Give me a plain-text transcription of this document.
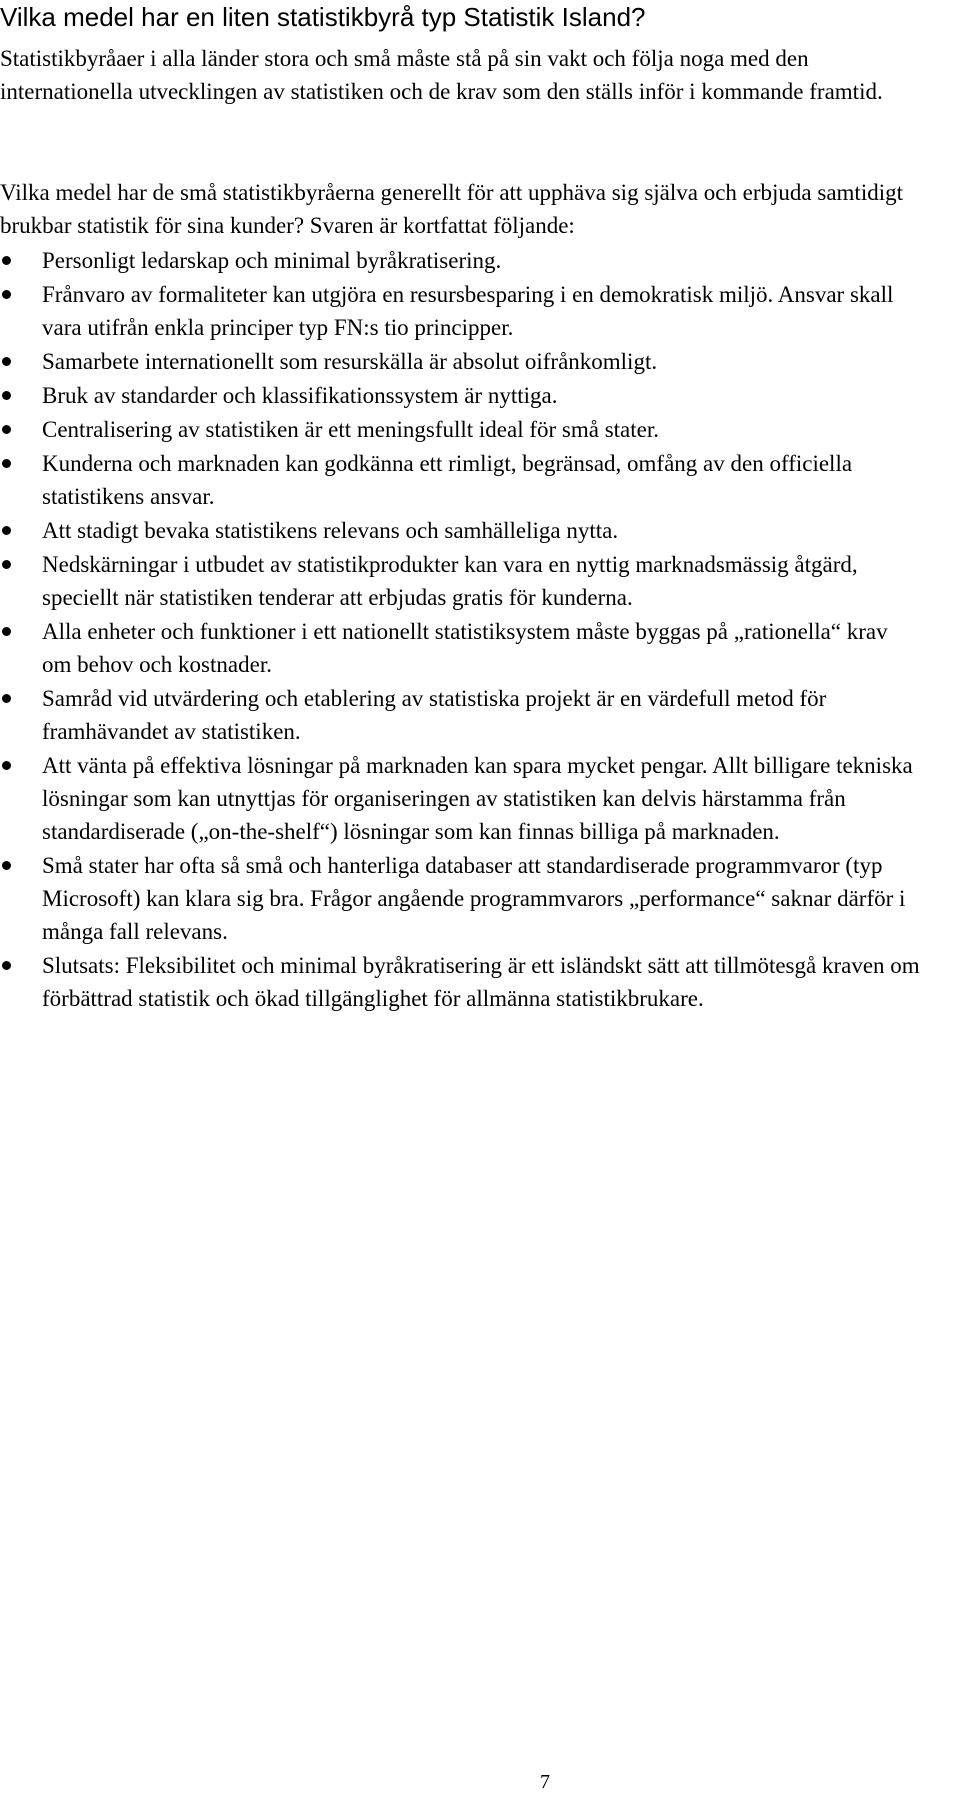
Vilka medel har en liten statistikbyrå typ Statistik Island?

Statistikbyråaer i alla länder stora och små måste stå på sin vakt och följa noga med den internationella utvecklingen av statistiken och de krav som den ställs inför i kommande framtid.

Vilka medel har de små statistikbyråerna generellt för att upphäva sig själva och erbjuda samtidigt brukbar statistik för sina kunder? Svaren är kortfattat följande:

Personligt ledarskap och minimal byråkratisering.
Frånvaro av formaliteter kan utgjöra en resursbesparing i en demokratisk miljö. Ansvar skall vara utifrån enkla principer typ FN:s tio principper.
Samarbete internationellt som resurskälla är absolut oifrånkomligt.
Bruk av standarder och klassifikationssystem är nyttiga.
Centralisering av statistiken är ett meningsfullt ideal för små stater.
Kunderna och marknaden kan godkänna ett rimligt, begränsad, omfång av den officiella statistikens ansvar.
Att stadigt bevaka statistikens relevans och samhälleliga nytta.
Nedskärningar i utbudet av statistikprodukter kan vara en nyttig marknadsmässig åtgärd, speciellt när statistiken tenderar att erbjudas gratis för kunderna.
Alla enheter och funktioner i ett nationellt statistiksystem måste byggas på „rationella“ krav om behov och kostnader.
Samråd vid utvärdering och etablering av statistiska projekt är en värdefull metod för framhävandet av statistiken.
Att vänta på effektiva lösningar på marknaden kan spara mycket pengar. Allt billigare tekniska lösningar som kan utnyttjas för organiseringen av statistiken kan delvis härstamma från standardiserade („on-the-shelf“) lösningar som kan finnas billiga på marknaden.
Små stater har ofta så små och hanterliga databaser att standardiserade programmvaror (typ Microsoft) kan klara sig bra. Frågor angående programmvarors „performance“ saknar därför i många fall relevans.
Slutsats: Fleksibilitet och minimal byråkratisering är ett isländskt sätt att tillmötesgå kraven om förbättrad statistik och ökad tillgänglighet för allmänna statistikbrukare.
7
